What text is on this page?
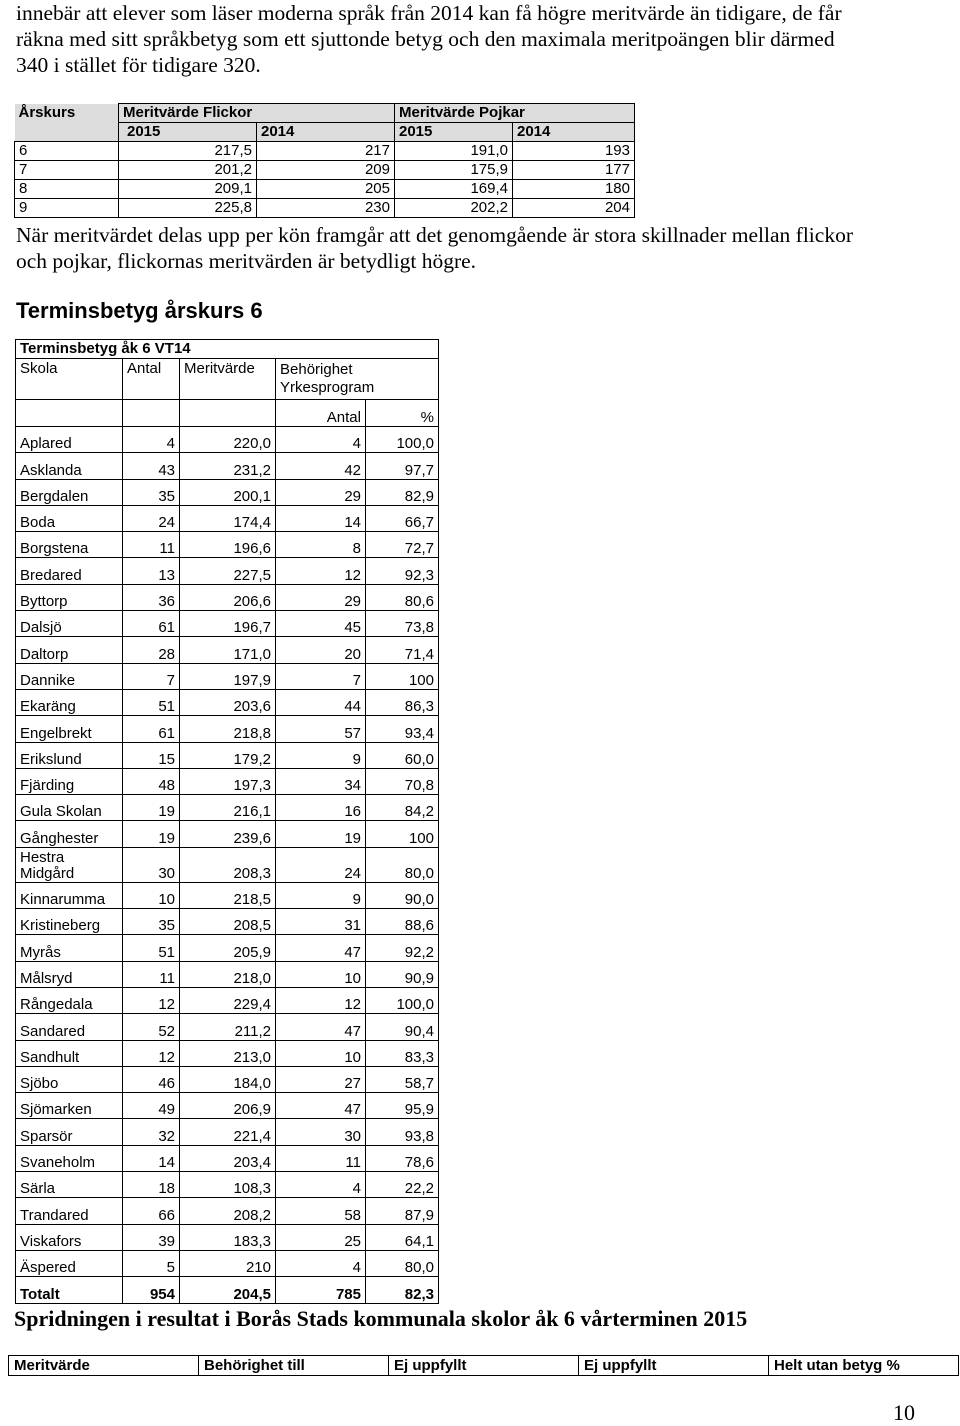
innebär att elever som läser moderna språk från 2014 kan få högre meritvärde än tidigare, de får
räkna med sitt språkbetyg som ett sjuttonde betyg och den maximala meritpoängen blir därmed
340 i stället för tidigare 320.
Årskurs	Meritvärde Flickor		Meritvärde Pojkar	
	2015	2014	2015	2014
6	217,5	217	191,0	193
7	201,2	209	175,9	177
8	209,1	205	169,4	180
9	225,8	230	202,2	204
När meritvärdet delas upp per kön framgår att det genomgående är stora skillnader mellan flickor
och pojkar, flickornas meritvärden är betydligt högre.
Terminsbetyg årskurs 6
Terminsbetyg åk 6 VT14				
Skola	Antal	Meritvärde	Behörighet
Yrkesprogram	

			Antal	%
Aplared	4	220,0	4	100,0
Asklanda	43	231,2	42	97,7
Bergdalen	35	200,1	29	82,9
Boda	24	174,4	14	66,7
Borgstena	11	196,6	8	72,7
Bredared	13	227,5	12	92,3
Byttorp	36	206,6	29	80,6
Dalsjö	61	196,7	45	73,8
Daltorp	28	171,0	20	71,4
Dannike	7	197,9	7	100
Ekaräng	51	203,6	44	86,3
Engelbrekt	61	218,8	57	93,4
Erikslund	15	179,2	9	60,0
Fjärding	48	197,3	34	70,8
Gula Skolan	19	216,1	16	84,2
Gånghester	19	239,6	19	100
Hestra Midgård	30	208,3	24	80,0
Kinnarumma	10	218,5	9	90,0
Kristineberg	35	208,5	31	88,6
Myrås	51	205,9	47	92,2
Målsryd	11	218,0	10	90,9
Rångedala	12	229,4	12	100,0
Sandared	52	211,2	47	90,4
Sandhult	12	213,0	10	83,3
Sjöbo	46	184,0	27	58,7
Sjömarken	49	206,9	47	95,9
Sparsör	32	221,4	30	93,8
Svaneholm	14	203,4	11	78,6
Särla	18	108,3	4	22,2
Trandared	66	208,2	58	87,9
Viskafors	39	183,3	25	64,1
Äspered	5	210	4	80,0
Totalt	954	204,5	785	82,3
Spridningen i resultat i Borås Stads kommunala skolor åk 6 vårterminen 2015
Meritvärde	Behörighet till	Ej uppfyllt	Ej uppfyllt	Helt utan betyg %
10
